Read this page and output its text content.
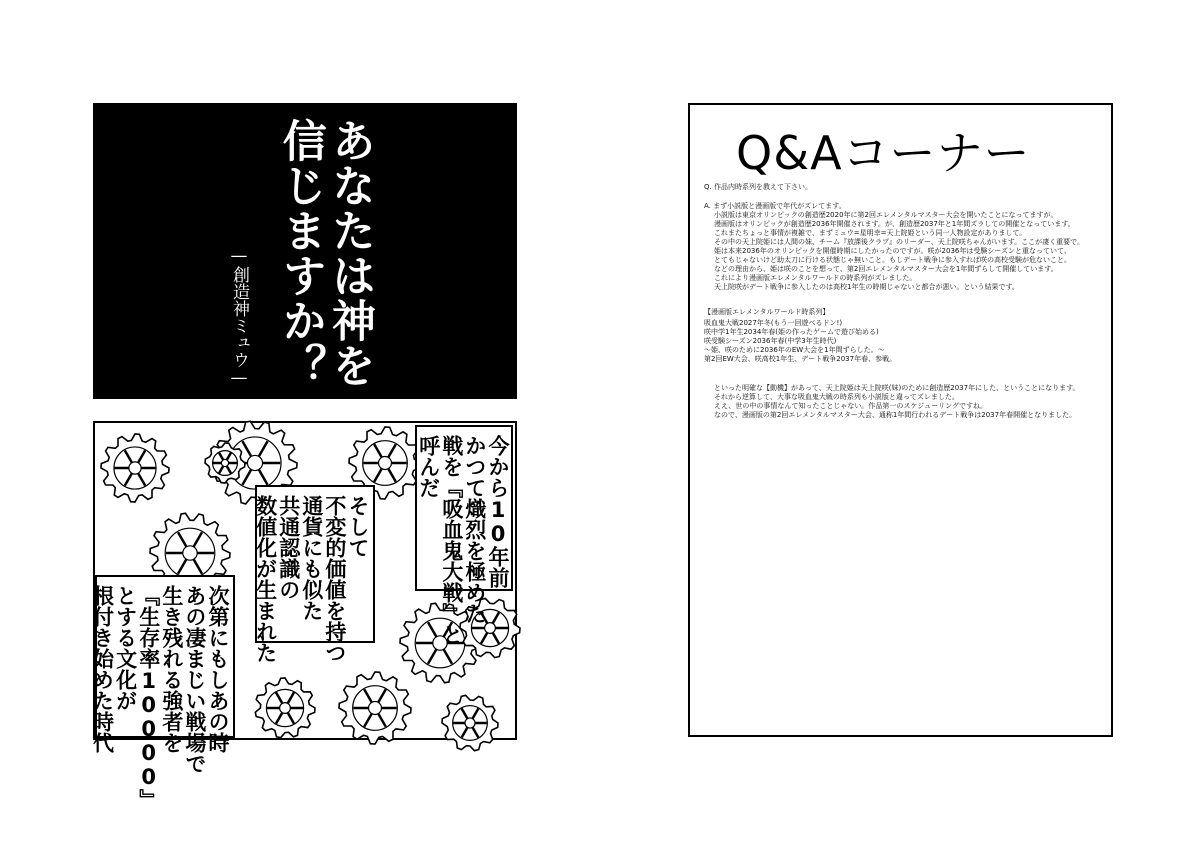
あなたは神を
信じますか？
—創造神ミュウ—
今から10年前
かつて熾烈を極めた
戦を『吸血鬼大戦』と
呼んだ
そして
不変的価値を持つ
通貨にも似た
共通認識の
数値化が生まれた
次第にもしあの時
あの凄まじい戦場で
生き残れる強者を
『生存率10000』
とする文化が
根付き始めた時代
Q&Aコーナー
Q. 作品内時系列を教えて下さい。
A. まず小説版と漫画版で年代がズレてます。
小説版は東京オリンピックの創造歴2020年に第2回エレメンタルマスター大会を開いたことになってますが。
漫画版はオリンピックが創造歴2036年開催されます。が、創造歴2037年と1年間ズラしての開催となっています。
これまたちょっと事情が複雑で、まずミュウ=星明幸=天上院姫という同一人物設定がありまして。
その中の天上院姫には人間の妹、チーム『放課後クラブ』のリーダー、天上院咲ちゃんがいます。ここが凄く重要で。
姫は本来2036年のオリンピックを開催時期にしたかったのですが。咲が2036年は受験シーズンと重なっていて、
とてもじゃないけど助太刀に行ける状態じゃ無いこと。もしデート戦争に参入すれば咲の高校受験が危ないこと。
などの理由から、姫は咲のことを想って、第2回エレメンタルマスター大会を1年間ずらして開催しています。
これにより漫画版エレメンタルワールドの時系列がズレました。
天上院咲がデート戦争に参入したのは高校1年生の時期じゃないと都合が悪い。という結果です。
【漫画版エレメンタルワールド時系列】
吸血鬼大戦2027年冬(もう一回遊べるドン!)
咲中学1年生2034年春(姫の作ったゲームで遊び始める)
咲受験シーズン2036年春(中学3年生時代)
～姫、咲のために2036年のEW大会を1年間ずらした。～
第2回EW大会、咲高校1年生、デート戦争2037年春、参戦。
といった明確な【動機】があって、天上院姫は天上院咲(妹)のために創造歴2037年にした、ということになります。
それから逆算して、大事な吸血鬼大戦の時系列も小説版と違ってズレました。
ええ、世の中の事情なんて知ったことじゃない。作品第一のスケジューリングですね。
なので、漫画版の第2回エレメンタルマスター大会、通称1年間行われるデート戦争は2037年春開催となりました。
